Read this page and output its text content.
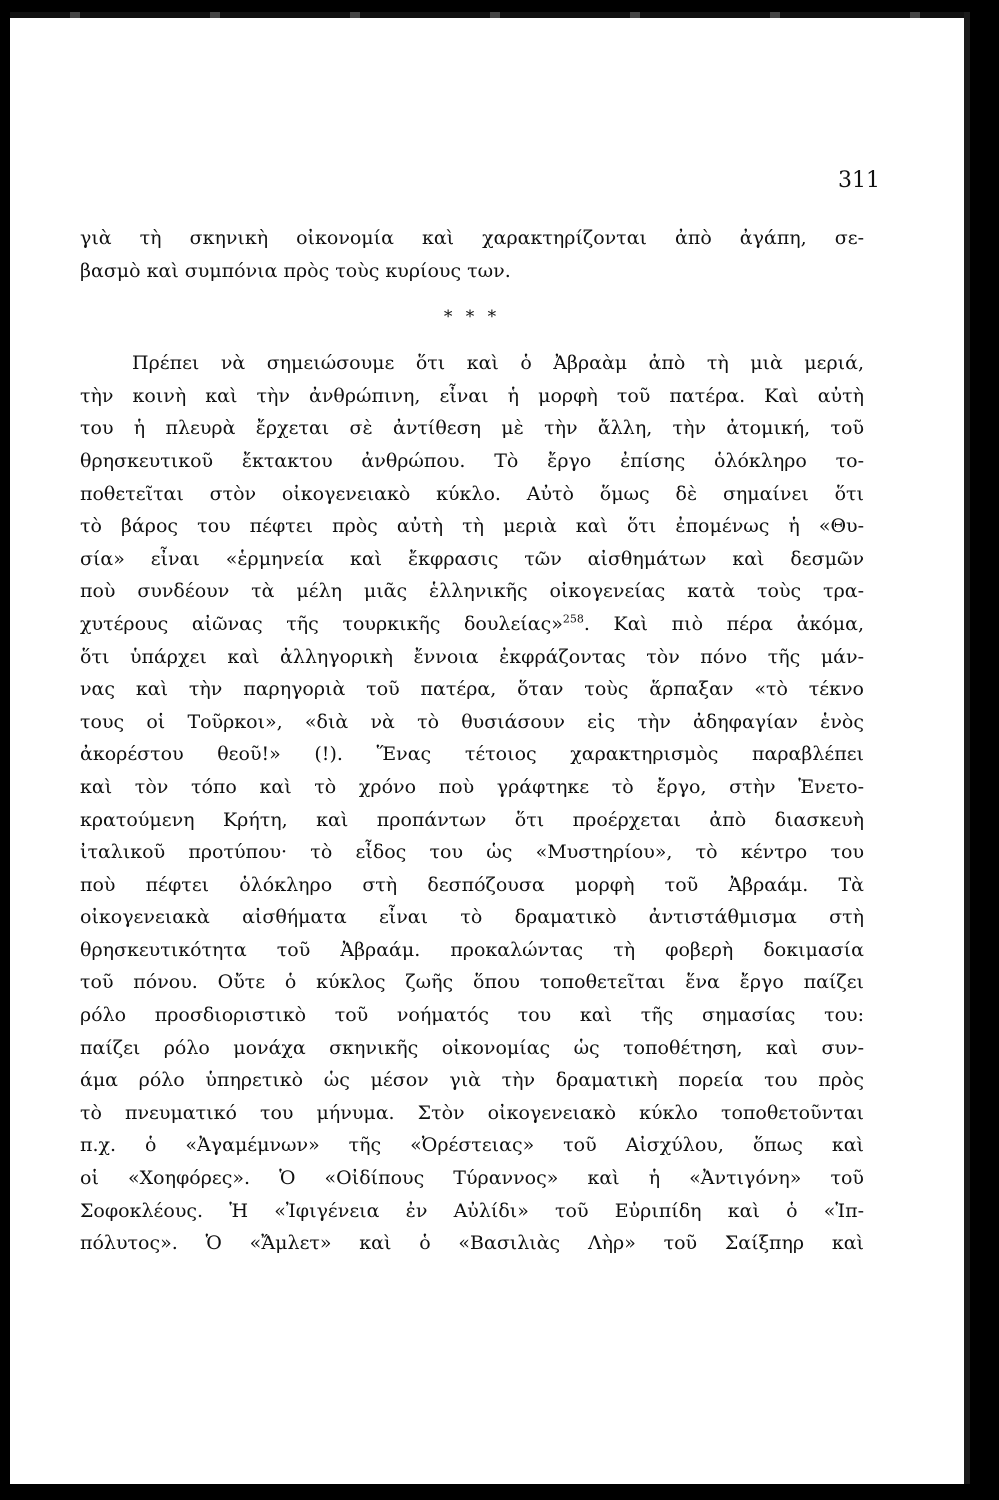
311
γιὰ τὴ σκηνικὴ οἰκονομία καὶ χαρακτηρίζονται ἀπὸ ἀγάπη, σε-
βασμὸ καὶ συμπόνια πρὸς τοὺς κυρίους των.
* * *
Πρέπει νὰ σημειώσουμε ὅτι καὶ ὁ Ἀβραὰμ ἀπὸ τὴ μιὰ μεριά,
τὴν κοινὴ καὶ τὴν ἀνθρώπινη, εἶναι ἡ μορφὴ τοῦ πατέρα. Καὶ αὐτὴ
του ἡ πλευρὰ ἔρχεται σὲ ἀντίθεση μὲ τὴν ἄλλη, τὴν ἀτομική, τοῦ
θρησκευτικοῦ ἔκτακτου ἀνθρώπου. Τὸ ἔργο ἐπίσης ὁλόκληρο το-
ποθετεῖται στὸν οἰκογενειακὸ κύκλο. Αὐτὸ ὅμως δὲ σημαίνει ὅτι
τὸ βάρος του πέφτει πρὸς αὐτὴ τὴ μεριὰ καὶ ὅτι ἐπομένως ἡ «Θυ-
σία» εἶναι «ἑρμηνεία καὶ ἔκφρασις τῶν αἰσθημάτων καὶ δεσμῶν
ποὺ συνδέουν τὰ μέλη μιᾶς ἑλληνικῆς οἰκογενείας κατὰ τοὺς τρα-
χυτέρους αἰῶνας τῆς τουρκικῆς δουλείας»$^{258}$. Καὶ πιὸ πέρα ἀκόμα,
ὅτι ὑπάρχει καὶ ἀλληγορικὴ ἔννοια ἐκφράζοντας τὸν πόνο τῆς μάν-
νας καὶ τὴν παρηγοριὰ τοῦ πατέρα, ὅταν τοὺς ἅρπαξαν «τὸ τέκνο
τους οἱ Τοῦρκοι», «διὰ νὰ τὸ θυσιάσουν εἰς τὴν ἀδηφαγίαν ἑνὸς
ἀκορέστου θεοῦ!» (!). Ἕνας τέτοιος χαρακτηρισμὸς παραβλέπει
καὶ τὸν τόπο καὶ τὸ χρόνο ποὺ γράφτηκε τὸ ἔργο, στὴν Ἑνετο-
κρατούμενη Κρήτη, καὶ προπάντων ὅτι προέρχεται ἀπὸ διασκευὴ
ἰταλικοῦ προτύπου· τὸ εἶδος του ὡς «Μυστηρίου», τὸ κέντρο του
ποὺ πέφτει ὁλόκληρο στὴ δεσπόζουσα μορφὴ τοῦ Ἀβραάμ. Τὰ
οἰκογενειακὰ αἰσθήματα εἶναι τὸ δραματικὸ ἀντιστάθμισμα στὴ
θρησκευτικότητα τοῦ Ἀβραάμ. προκαλώντας τὴ φοβερὴ δοκιμασία
τοῦ πόνου. Οὔτε ὁ κύκλος ζωῆς ὅπου τοποθετεῖται ἕνα ἔργο παίζει
ρόλο προσδιοριστικὸ τοῦ νοήματός του καὶ τῆς σημασίας του:
παίζει ρόλο μονάχα σκηνικῆς οἰκονομίας ὡς τοποθέτηση, καὶ συν-
άμα ρόλο ὑπηρετικὸ ὡς μέσον γιὰ τὴν δραματικὴ πορεία του πρὸς
τὸ πνευματικό του μήνυμα. Στὸν οἰκογενειακὸ κύκλο τοποθετοῦνται
π.χ. ὁ «Ἀγαμέμνων» τῆς «Ὀρέστειας» τοῦ Αἰσχύλου, ὅπως καὶ
οἱ «Χοηφόρες». Ὁ «Οἰδίπους Τύραννος» καὶ ἡ «Ἀντιγόνη» τοῦ
Σοφοκλέους. Ἡ «Ἰφιγένεια ἐν Αὐλίδι» τοῦ Εὐριπίδη καὶ ὁ «Ἱπ-
πόλυτος». Ὁ «Ἄμλετ» καὶ ὁ «Βασιλιὰς Λὴρ» τοῦ Σαίξπηρ καὶ
